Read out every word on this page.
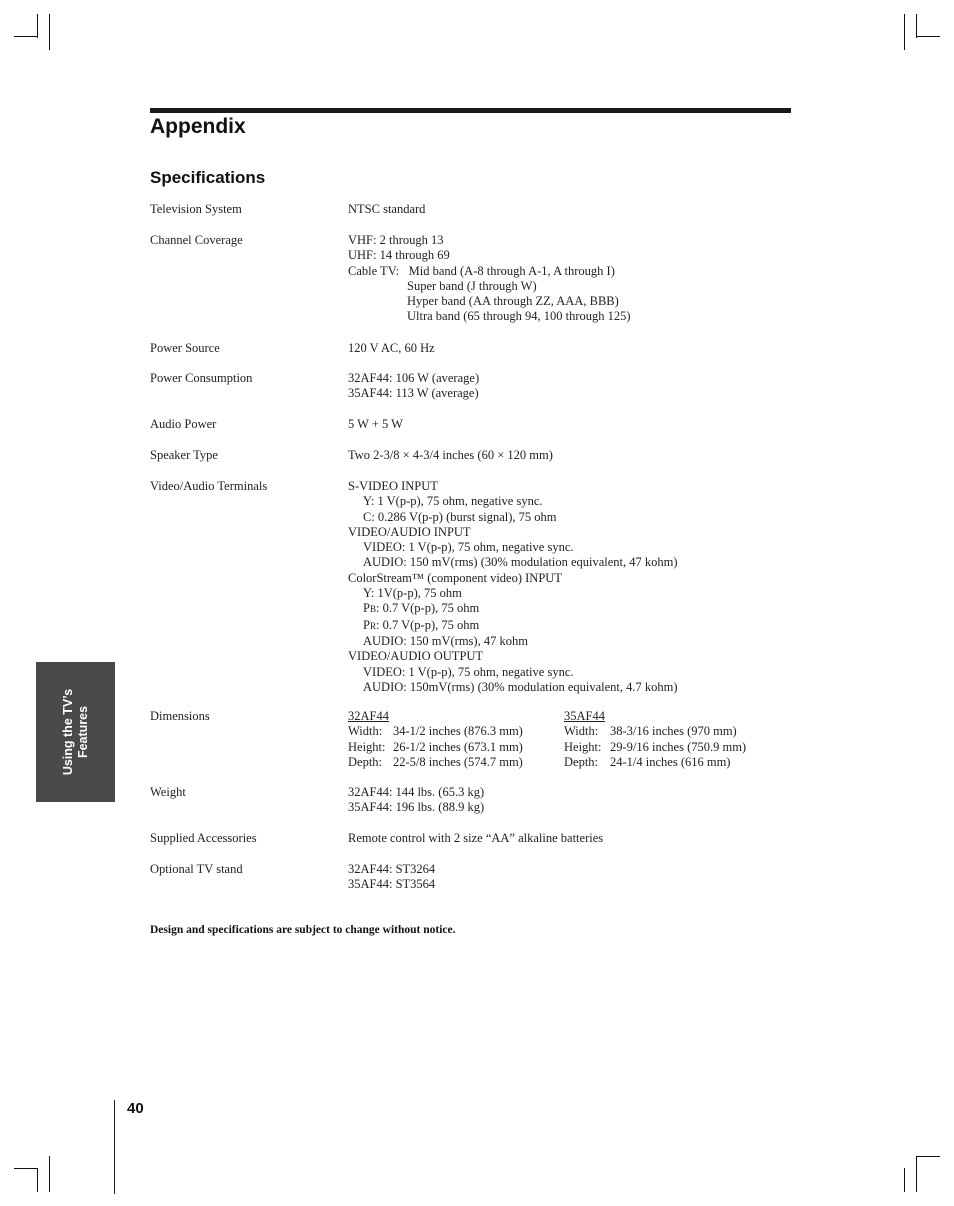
Appendix
Specifications
Television System	NTSC standard
Channel Coverage	VHF: 2 through 13
UHF: 14 through 69
Cable TV:   Mid band (A-8 through A-1, A through I)
Super band (J through W)
Hyper band (AA through ZZ, AAA, BBB)
Ultra band (65 through 94, 100 through 125)
Power Source	120 V AC, 60 Hz
Power Consumption	32AF44: 106 W (average)
35AF44: 113 W (average)
Audio Power	5 W + 5 W
Speaker Type	Two 2-3/8 × 4-3/4 inches (60 × 120 mm)
Video/Audio Terminals	S-VIDEO INPUT
Y: 1 V(p-p), 75 ohm, negative sync.
C: 0.286 V(p-p) (burst signal), 75 ohm
VIDEO/AUDIO INPUT
VIDEO: 1 V(p-p), 75 ohm, negative sync.
AUDIO: 150 mV(rms) (30% modulation equivalent, 47 kohm)
ColorStream™ (component video) INPUT
Y: 1V(p-p), 75 ohm
PB: 0.7 V(p-p), 75 ohm
PR: 0.7 V(p-p), 75 ohm
AUDIO: 150 mV(rms), 47 kohm
VIDEO/AUDIO OUTPUT
VIDEO: 1 V(p-p), 75 ohm, negative sync.
AUDIO: 150mV(rms) (30% modulation equivalent, 4.7 kohm)
Dimensions	32AF44
Width: 34-1/2 inches (876.3 mm)
Height: 26-1/2 inches (673.1 mm)
Depth: 22-5/8 inches (574.7 mm)
35AF44
Width: 38-3/16 inches (970 mm)
Height: 29-9/16 inches (750.9 mm)
Depth: 24-1/4 inches (616 mm)
Weight	32AF44: 144 lbs. (65.3 kg)
35AF44: 196 lbs. (88.9 kg)
Supplied Accessories	Remote control with 2 size “AA” alkaline batteries
Optional TV stand	32AF44: ST3264
35AF44: ST3564
Design and specifications are subject to change without notice.
Using the TV’s Features
40
